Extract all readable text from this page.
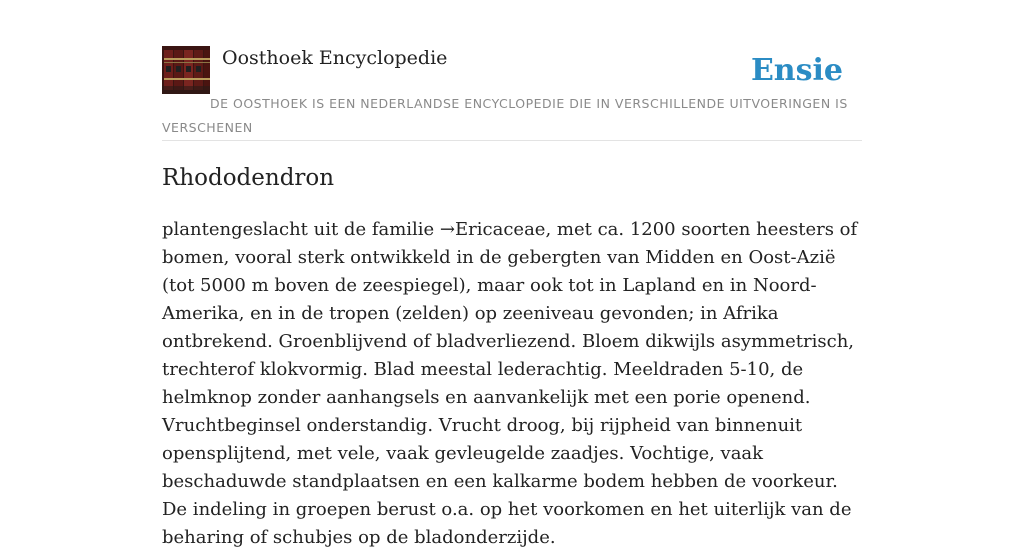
Oosthoek Encyclopedie	Ensie
DE OOSTHOEK IS EEN NEDERLANDSE ENCYCLOPEDIE DIE IN VERSCHILLENDE UITVOERINGEN IS VERSCHENEN
Rhododendron

plantengeslacht uit de familie →Ericaceae, met ca. 1200 soorten heesters of bomen, vooral sterk ontwikkeld in de gebergten van Midden en Oost-Azië (tot 5000 m boven de zeespiegel), maar ook tot in Lapland en in Noord-Amerika, en in de tropen (zelden) op zeeniveau gevonden; in Afrika ontbrekend. Groenblijvend of bladverliezend. Bloem dikwijls asymmetrisch, trechterof klokvormig. Blad meestal lederachtig. Meeldraden 5-10, de helmknop zonder aanhangsels en aanvankelijk met een porie openend. Vruchtbeginsel onderstandig. Vrucht droog, bij rijpheid van binnenuit opensplijtend, met vele, vaak gevleugelde zaadjes. Vochtige, vaak beschaduwde standplaatsen en een kalkarme bodem hebben de voorkeur. De indeling in groepen berust o.a. op het voorkomen en het uiterlijk van de beharing of schubjes op de bladonderzijde.
